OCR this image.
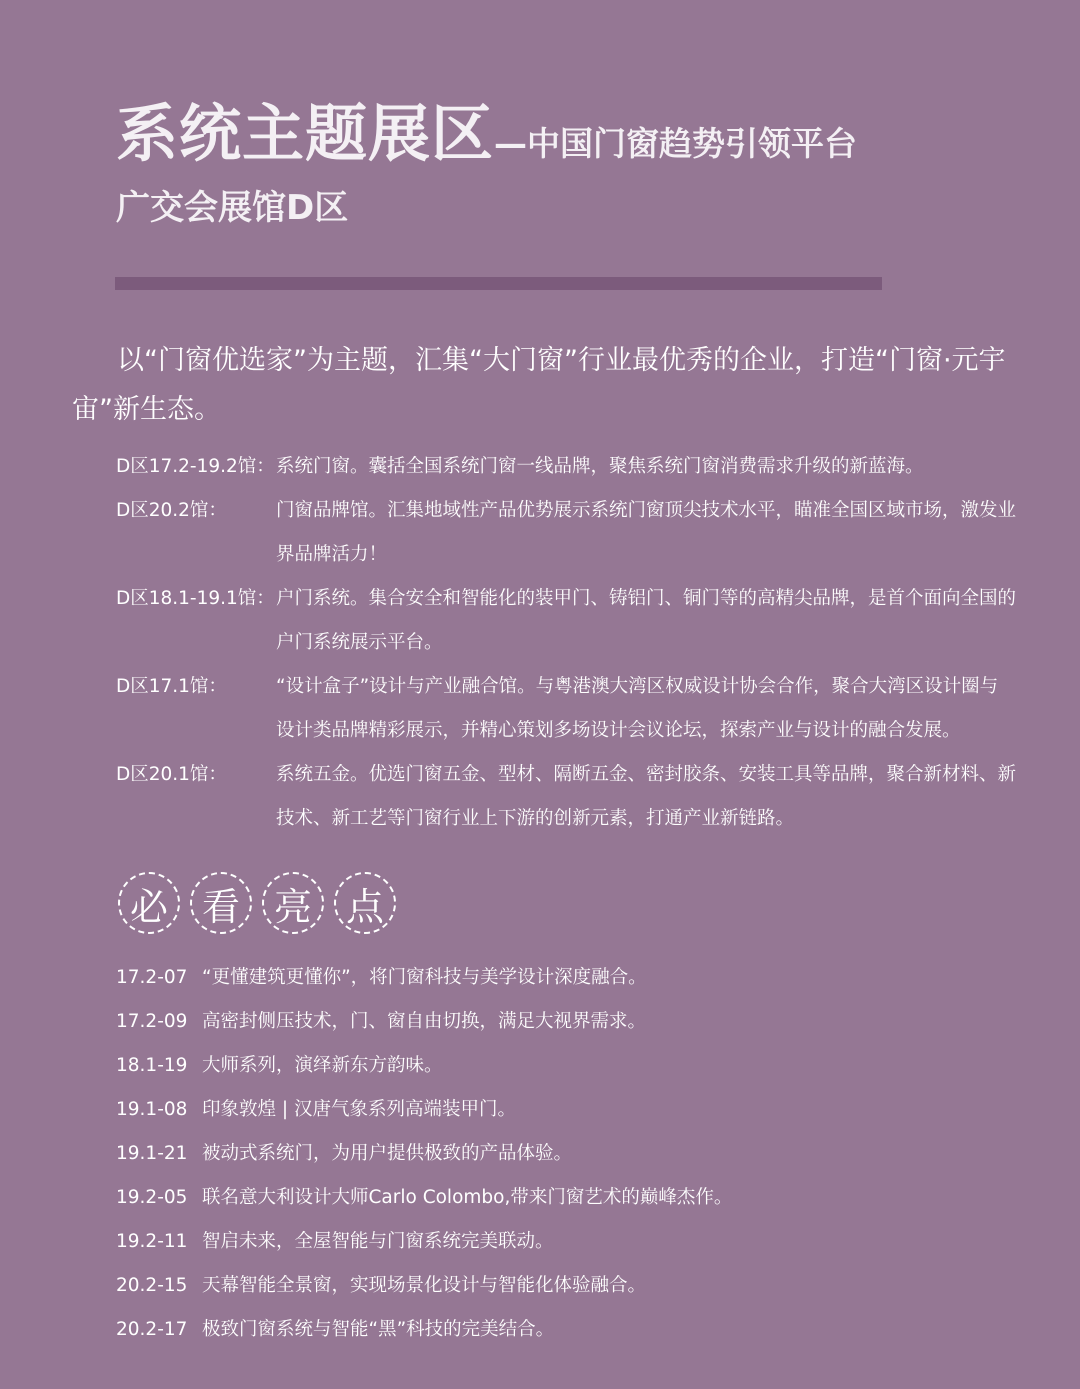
系统主题展区—中国门窗趋势引领平台
广交会展馆D区
以“门窗优选家”为主题，汇集“大门窗”行业最优秀的企业，打造“门窗·元宇宙”新生态。
D区17.2-19.2馆： 系统门窗。囊括全国系统门窗一线品牌，聚焦系统门窗消费需求升级的新蓝海。
D区20.2馆：	门窗品牌馆。汇集地域性产品优势展示系统门窗顶尖技术水平，瞄准全国区域市场，激发业界品牌活力！
D区18.1-19.1馆： 户门系统。集合安全和智能化的装甲门、铸铝门、铜门等的高精尖品牌，是首个面向全国的户门系统展示平台。
D区17.1馆：	“设计盒子”设计与产业融合馆。与粤港澳大湾区权威设计协会合作，聚合大湾区设计圈与设计类品牌精彩展示，并精心策划多场设计会议论坛，探索产业与设计的融合发展。
D区20.1馆：	系统五金。优选门窗五金、型材、隔断五金、密封胶条、安装工具等品牌，聚合新材料、新技术、新工艺等门窗行业上下游的创新元素，打通产业新链路。
必 看 亮 点
17.2-07 “更懂建筑更懂你”，将门窗科技与美学设计深度融合。
17.2-09 高密封侧压技术，门、窗自由切换，满足大视界需求。
18.1-19 大师系列，演绎新东方韵味。
19.1-08 印象敦煌 | 汉唐气象系列高端装甲门。
19.1-21 被动式系统门，为用户提供极致的产品体验。
19.2-05 联名意大利设计大师Carlo Colombo,带来门窗艺术的巅峰杰作。
19.2-11 智启未来，全屋智能与门窗系统完美联动。
20.2-15 天幕智能全景窗，实现场景化设计与智能化体验融合。
20.2-17 极致门窗系统与智能“黑”科技的完美结合。
